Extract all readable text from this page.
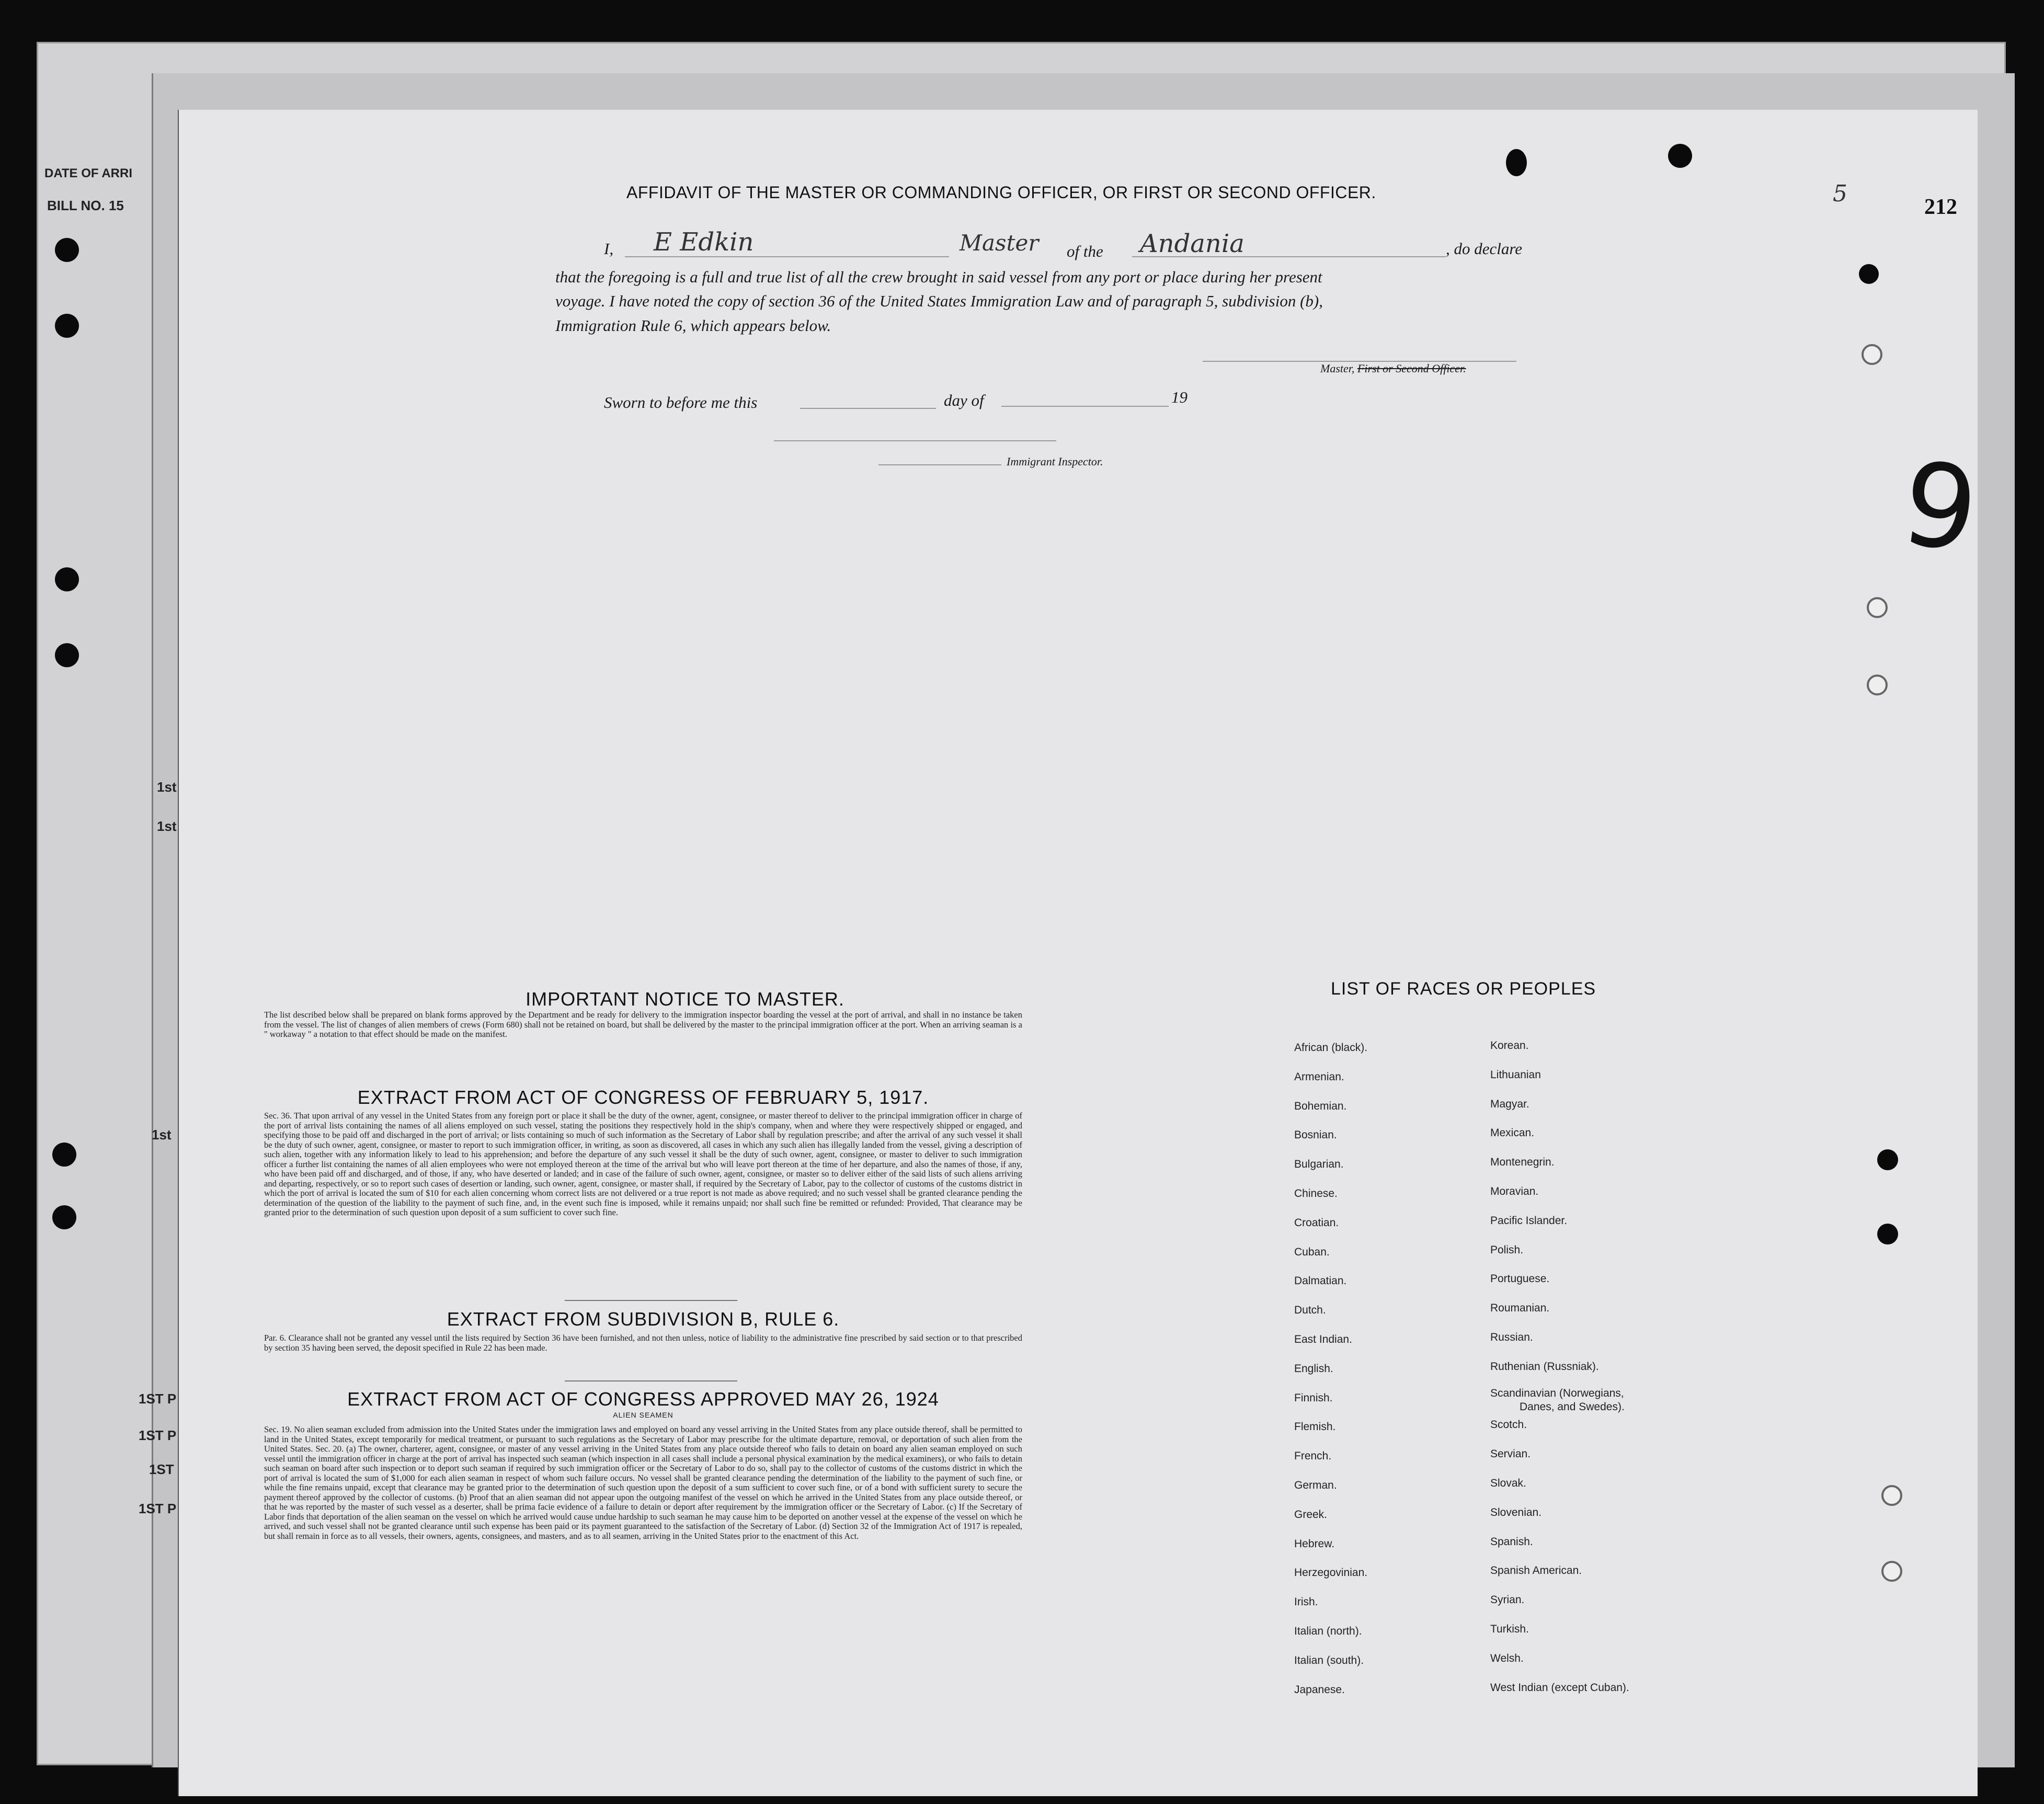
DATE OF ARRI
BILL NO. 15
1st
1st
1st
1ST P
1ST P
1ST
1ST P
212
5
9
AFFIDAVIT OF THE MASTER OR COMMANDING OFFICER, OR FIRST OR SECOND OFFICER.
I, E Edkin	Master of the Andania	, do declare
that the foregoing is a full and true list of all the crew brought in said vessel from any port or place during her present
voyage. I have noted the copy of section 36 of the United States Immigration Law and of paragraph 5, subdivision (b),
Immigration Rule 6, which appears below.
Master, First or Second Officer.
Sworn to before me this	day of	19
Immigrant Inspector.
IMPORTANT NOTICE TO MASTER.
The list described below shall be prepared on blank forms approved by the Department and be ready for delivery to the immigration inspector boarding the vessel at the port of arrival, and shall in no instance be taken from the vessel. The list of changes of alien members of crews (Form 680) shall not be retained on board, but shall be delivered by the master to the principal immigration officer at the port. When an arriving seaman is a " workaway " a notation to that effect should be made on the manifest.
EXTRACT FROM ACT OF CONGRESS OF FEBRUARY 5, 1917.
Sec. 36. That upon arrival of any vessel in the United States from any foreign port or place it shall be the duty of the owner, agent, consignee, or master thereof to deliver to the principal immigration officer in charge of the port of arrival lists containing the names of all aliens employed on such vessel, stating the positions they respectively hold in the ship's company, when and where they were respectively shipped or engaged, and specifying those to be paid off and discharged in the port of arrival; or lists containing so much of such information as the Secretary of Labor shall by regulation prescribe; and after the arrival of any such vessel it shall be the duty of such owner, agent, consignee, or master to report to such immigration officer, in writing, as soon as discovered, all cases in which any such alien has illegally landed from the vessel, giving a description of such alien, together with any information likely to lead to his apprehension; and before the departure of any such vessel it shall be the duty of such owner, agent, consignee, or master to deliver to such immigration officer a further list containing the names of all alien employees who were not employed thereon at the time of the arrival but who will leave port thereon at the time of her departure, and also the names of those, if any, who have been paid off and discharged, and of those, if any, who have deserted or landed; and in case of the failure of such owner, agent, consignee, or master so to deliver either of the said lists of such aliens arriving and departing, respectively, or so to report such cases of desertion or landing, such owner, agent, consignee, or master shall, if required by the Secretary of Labor, pay to the collector of customs of the customs district in which the port of arrival is located the sum of $10 for each alien concerning whom correct lists are not delivered or a true report is not made as above required; and no such vessel shall be granted clearance pending the determination of the question of the liability to the payment of such fine, and, in the event such fine is imposed, while it remains unpaid; nor shall such fine be remitted or refunded: Provided, That clearance may be granted prior to the determination of such question upon deposit of a sum sufficient to cover such fine.
EXTRACT FROM SUBDIVISION B, RULE 6.
Par. 6. Clearance shall not be granted any vessel until the lists required by Section 36 have been furnished, and not then unless, notice of liability to the administrative fine prescribed by said section or to that prescribed by section 35 having been served, the deposit specified in Rule 22 has been made.
EXTRACT FROM ACT OF CONGRESS APPROVED MAY 26, 1924
ALIEN SEAMEN
Sec. 19. No alien seaman excluded from admission into the United States under the immigration laws and employed on board any vessel arriving in the United States from any place outside thereof, shall be permitted to land in the United States, except temporarily for medical treatment, or pursuant to such regulations as the Secretary of Labor may prescribe for the ultimate departure, removal, or deportation of such alien from the United States. Sec. 20. (a) The owner, charterer, agent, consignee, or master of any vessel arriving in the United States from any place outside thereof who fails to detain on board any alien seaman employed on such vessel until the immigration officer in charge at the port of arrival has inspected such seaman (which inspection in all cases shall include a personal physical examination by the medical examiners), or who fails to detain such seaman on board after such inspection or to deport such seaman if required by such immigration officer or the Secretary of Labor to do so, shall pay to the collector of customs of the customs district in which the port of arrival is located the sum of $1,000 for each alien seaman in respect of whom such failure occurs. No vessel shall be granted clearance pending the determination of the liability to the payment of such fine, or while the fine remains unpaid, except that clearance may be granted prior to the determination of such question upon the deposit of a sum sufficient to cover such fine, or of a bond with sufficient surety to secure the payment thereof approved by the collector of customs. (b) Proof that an alien seaman did not appear upon the outgoing manifest of the vessel on which he arrived in the United States from any place outside thereof, or that he was reported by the master of such vessel as a deserter, shall be prima facie evidence of a failure to detain or deport after requirement by the immigration officer or the Secretary of Labor. (c) If the Secretary of Labor finds that deportation of the alien seaman on the vessel on which he arrived would cause undue hardship to such seaman he may cause him to be deported on another vessel at the expense of the vessel on which he arrived, and such vessel shall not be granted clearance until such expense has been paid or its payment guaranteed to the satisfaction of the Secretary of Labor. (d) Section 32 of the Immigration Act of 1917 is repealed, but shall remain in force as to all vessels, their owners, agents, consignees, and masters, and as to all seamen, arriving in the United States prior to the enactment of this Act.
LIST OF RACES OR PEOPLES
African (black).
Armenian.
Bohemian.
Bosnian.
Bulgarian.
Chinese.
Croatian.
Cuban.
Dalmatian.
Dutch.
East Indian.
English.
Finnish.
Flemish.
French.
German.
Greek.
Hebrew.
Herzegovinian.
Irish.
Italian (north).
Italian (south).
Japanese.
Korean.
Lithuanian
Magyar.
Mexican.
Montenegrin.
Moravian.
Pacific Islander.
Polish.
Portuguese.
Roumanian.
Russian.
Ruthenian (Russniak).
Scandinavian (Norwegians,
Danes, and Swedes).
Scotch.
Servian.
Slovak.
Slovenian.
Spanish.
Spanish American.
Syrian.
Turkish.
Welsh.
West Indian (except Cuban).
